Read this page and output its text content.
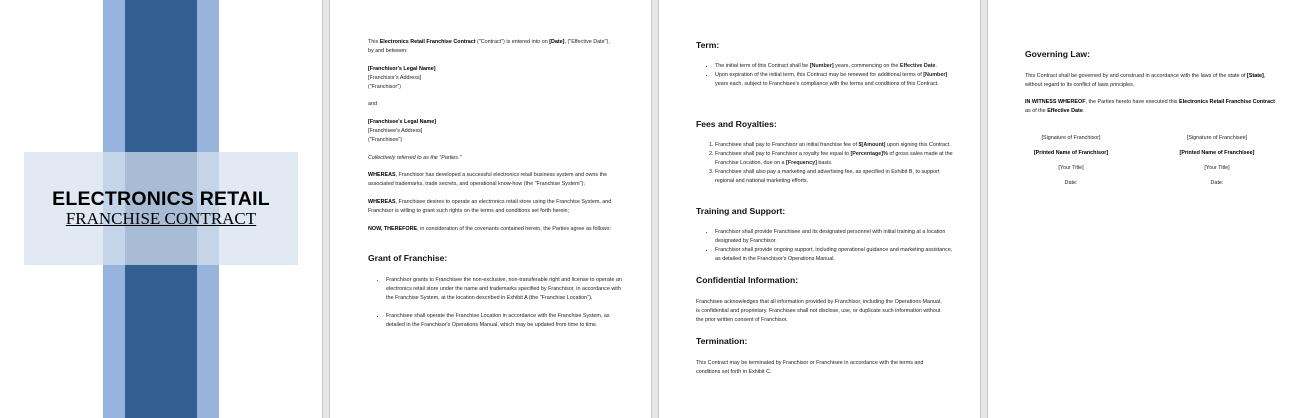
ELECTRONICS RETAIL
FRANCHISE CONTRACT
This Electronics Retail Franchise Contract ("Contract") is entered into on [Date], ("Effective Date"), by and between:
[Franchisor's Legal Name]
[Franchisor's Address]
("Franchisor")
and
[Franchisee's Legal Name]
[Franchisee's Address]
("Franchisee")
Collectively referred to as the "Parties."
WHEREAS, Franchisor has developed a successful electronics retail business system and owns the associated trademarks, trade secrets, and operational know-how (the "Franchise System");
WHEREAS, Franchisee desires to operate an electronics retail store using the Franchise System, and Franchisor is willing to grant such rights on the terms and conditions set forth herein;
NOW, THEREFORE, in consideration of the covenants contained herein, the Parties agree as follows:
Grant of Franchise:
• Franchisor grants to Franchisee the non-exclusive, non-transferable right and license to operate an electronics retail store under the name and trademarks specified by Franchisor, in accordance with the Franchise System, at the location described in Exhibit A (the "Franchise Location").
• Franchisee shall operate the Franchise Location in accordance with the Franchise System, as detailed in the Franchisor's Operations Manual, which may be updated from time to time.
Term:
• The initial term of this Contract shall be [Number] years, commencing on the Effective Date.
• Upon expiration of the initial term, this Contract may be renewed for additional terms of [Number] years each, subject to Franchisee's compliance with the terms and conditions of this Contract.
Fees and Royalties:
1. Franchisee shall pay to Franchisor an initial franchise fee of $[Amount] upon signing this Contract.
2. Franchisee shall pay to Franchisor a royalty fee equal to [Percentage]% of gross sales made at the Franchise Location, due on a [Frequency] basis.
3. Franchisee shall also pay a marketing and advertising fee, as specified in Exhibit B, to support regional and national marketing efforts.
Training and Support:
• Franchisor shall provide Franchisee and its designated personnel with initial training at a location designated by Franchisor.
• Franchisor shall provide ongoing support, including operational guidance and marketing assistance, as detailed in the Franchisor's Operations Manual.
Confidential Information:
Franchisee acknowledges that all information provided by Franchisor, including the Operations Manual, is confidential and proprietary. Franchisee shall not disclose, use, or duplicate such information without the prior written consent of Franchisor.
Termination:
This Contract may be terminated by Franchisor or Franchisee in accordance with the terms and conditions set forth in Exhibit C.
Governing Law:
This Contract shall be governed by and construed in accordance with the laws of the state of [State], without regard to its conflict of laws principles.
IN WITNESS WHEREOF, the Parties hereto have executed this Electronics Retail Franchise Contract as of the Effective Date.
[Signature of Franchisor]
[Printed Name of Franchisor]
[Your Title]
Date:
[Signature of Franchisee]
[Printed Name of Franchisee]
[Your Title]
Date:
